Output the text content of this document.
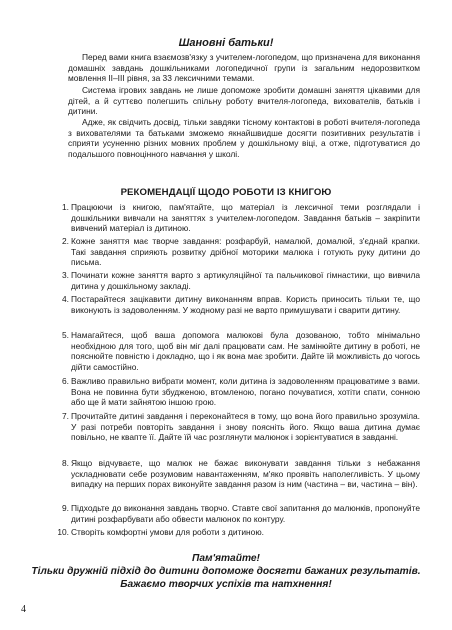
Шановні батьки!

Перед вами книга взаємозв'язку з учителем-логопедом, що призначена для виконання домашніх завдань дошкільниками логопедичної групи із загальним недорозвитком мовлення II–III рівня, за 33 лексичними темами.

Система ігрових завдань не лише допоможе зробити домашні заняття цікавими для дітей, а й суттєво полегшить спільну роботу вчителя-логопеда, вихователів, батьків і дитини.

Адже, як свідчить досвід, тільки завдяки тісному контактові в роботі вчителя-логопеда з вихователями та батьками зможемо якнайшвидше досягти позитивних результатів і сприяти усуненню різних мовних проблем у дошкільному віці, а отже, підготуватися до подальшого повноцінного навчання у школі.

РЕКОМЕНДАЦІЇ ЩОДО РОБОТИ ІЗ КНИГОЮ
1. Працюючи із книгою, пам'ятайте, що матеріал із лексичної теми розглядали і дошкільники вивчали на заняттях з учителем-логопедом. Завдання батьків – закріпити вивчений матеріал із дитиною.
2. Кожне заняття має творче завдання: розфарбуй, намалюй, домалюй, з'єднай крапки. Такі завдання сприяють розвитку дрібної моторики малюка і готують руку дитини до письма.
3. Починати кожне заняття варто з артикуляційної та пальчикової гімнастики, що вивчила дитина у дошкільному закладі.
4. Постарайтеся зацікавити дитину виконанням вправ. Користь приносить тільки те, що виконують із задоволенням. У жодному разі не варто примушувати і сварити дитину.
5. Намагайтеся, щоб ваша допомога малюкові була дозованою, тобто мінімально необхідною для того, щоб він міг далі працювати сам. Не замінюйте дитину в роботі, не пояснюйте повністю і докладно, що і як вона має зробити. Дайте їй можливість до чогось дійти самостійно.
6. Важливо правильно вибрати момент, коли дитина із задоволенням працюватиме з вами. Вона не повинна бути збудженою, втомленою, погано почуватися, хотіти спати, сонною або ще й мати зайнятою іншою грою.
7. Прочитайте дитині завдання і переконайтеся в тому, що вона його правильно зрозуміла. У разі потреби повторіть завдання і знову поясніть його. Якщо ваша дитина думає повільно, не квапте її. Дайте їй час розглянути малюнок і зорієнтуватися в завданні.
8. Якщо відчуваєте, що малюк не бажає виконувати завдання тільки з небажання ускладнювати себе розумовим навантаженням, м'яко проявіть наполегливість. У цьому випадку на перших порах виконуйте завдання разом із ним (частина – ви, частина – він).
9. Підходьте до виконання завдань творчо. Ставте свої запитання до малюнків, пропонуйте дитині розфарбувати або обвести малюнок по контуру.
10. Створіть комфортні умови для роботи з дитиною.
Пам'ятайте!
Тільки дружній підхід до дитини допоможе досягти бажаних результатів.
Бажаємо творчих успіхів та натхнення!
4
